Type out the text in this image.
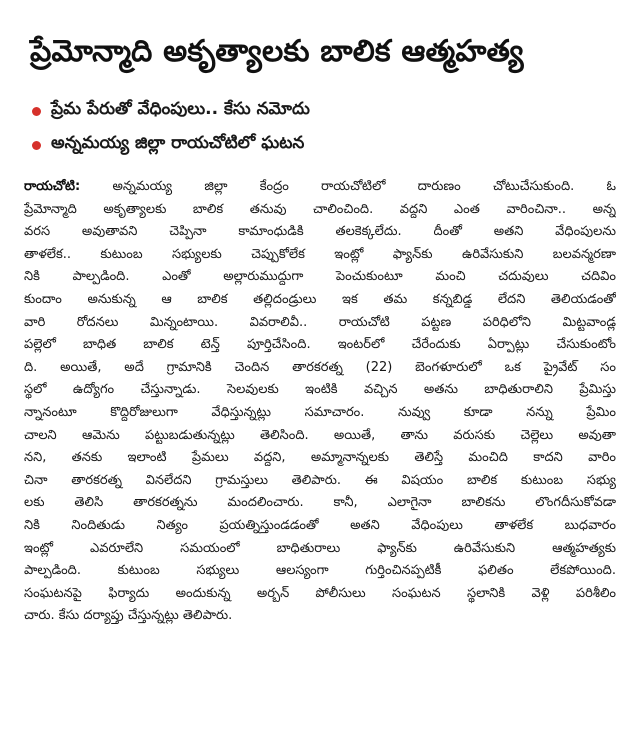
ప్రేమోన్మాది అకృత్యాలకు బాలిక ఆత్మహత్య
ప్రేమ పేరుతో వేధింపులు.. కేసు నమోదు
అన్నమయ్య జిల్లా రాయచోటిలో ఘటన
రాయచోటి: అన్నమయ్య జిల్లా కేంద్రం రాయచోటిలో దారుణం చోటుచేసుకుంది. ఓ
ప్రేమోన్మాది అకృత్యాలకు బాలిక తనువు చాలించింది. వద్దని ఎంత వారించినా.. అన్న
వరస అవుతావని చెప్పినా కామాంధుడికి తలకెక్కలేదు. దీంతో అతని వేధింపులను
తాళలేక.. కుటుంబ సభ్యులకు చెప్పుకోలేక ఇంట్లో ఫ్యాన్‌కు ఉరివేసుకుని బలవన్మరణా
నికి పాల్పడింది. ఎంతో అల్లారుముద్దుగా పెంచుకుంటూ మంచి చదువులు చదివిం
కుందాం అనుకున్న ఆ బాలిక తల్లిదండ్రులు ఇక తమ కన్నబిడ్డ లేదని తెలియడంతో
వారి రోదనలు మిన్నంటాయి. వివరాలివీ.. రాయచోటి పట్టణ పరిధిలోని మిట్టవాండ్ల
పల్లెలో బాధిత బాలిక టెన్త్ పూర్తిచేసింది. ఇంటర్‌లో చేరేందుకు ఏర్పాట్లు చేసుకుంటోం
ది. అయితే, అదే గ్రామానికి చెందిన తారకరత్న (22) బెంగళూరులో ఒక ప్రైవేట్ సం
స్థలో ఉద్యోగం చేస్తున్నాడు. సెలవులకు ఇంటికి వచ్చిన అతను బాధితురాలిని ప్రేమిస్తు
న్నానంటూ కొద్దిరోజులుగా వేధిస్తున్నట్లు సమాచారం. నువ్వు కూడా నన్ను ప్రేమిం
చాలని ఆమెను పట్టుబడుతున్నట్లు తెలిసింది. అయితే, తాను వరుసకు చెల్లెలు అవుతా
నని, తనకు ఇలాంటి ప్రేమలు వద్దని, అమ్మానాన్నలకు తెలిస్తే మంచిది కాదని వారిం
చినా తారకరత్న వినలేదని గ్రామస్తులు తెలిపారు. ఈ విషయం బాలిక కుటుంబ సభ్యు
లకు తెలిసి తారకరత్నను మందలించారు. కానీ, ఎలాగైనా బాలికను లొంగదీసుకోవడా
నికి నిందితుడు నిత్యం ప్రయత్నిస్తుండడంతో అతని వేధింపులు తాళలేక బుధవారం
ఇంట్లో ఎవరూలేని సమయంలో బాధితురాలు ఫ్యాన్‌కు ఉరివేసుకుని ఆత్మహత్యకు
పాల్పడింది. కుటుంబ సభ్యులు ఆలస్యంగా గుర్తించినప్పటికీ ఫలితం లేకపోయింది.
సంఘటనపై ఫిర్యాదు అందుకున్న అర్బన్ పోలీసులు సంఘటన స్థలానికి వెళ్లి పరిశీలిం
చారు. కేసు దర్యాప్తు చేస్తున్నట్లు తెలిపారు.
